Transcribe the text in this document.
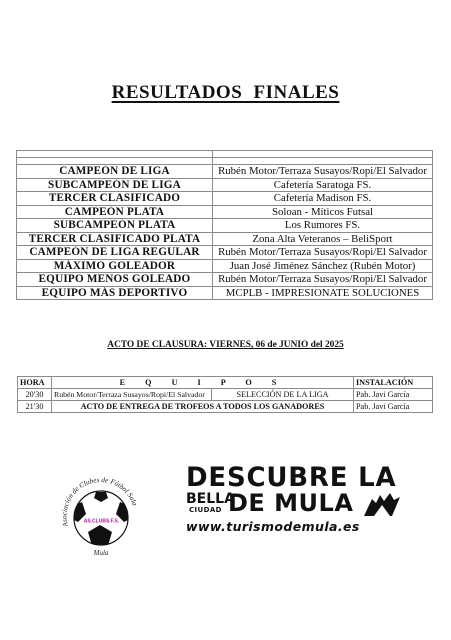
RESULTADOS FINALES

CAMPEÓN DE LIGA	Rubén Motor/Terraza Susayos/Ropi/El Salvador
SUBCAMPEÓN DE LIGA	Cafetería Saratoga FS.
TERCER CLASIFICADO	Cafetería Madison FS.
CAMPEÓN PLATA	Soloan - Míticos Futsal
SUBCAMPEÓN PLATA	Los Rumores FS.
TERCER CLASIFICADO PLATA	Zona Alta Veteranos – BeliSport
CAMPEÓN DE LIGA REGULAR	Rubén Motor/Terraza Susayos/Ropi/El Salvador
MÁXIMO GOLEADOR	Juan José Jiménez Sánchez (Rubén Motor)
EQUIPO MENOS GOLEADO	Rubén Motor/Terraza Susayos/Ropi/El Salvador
EQUIPO MÁS DEPORTIVO	MCPLB - IMPRESIONATE SOLUCIONES
ACTO DE CLAUSURA: VIERNES, 06 de JUNIO del 2025
HORA	E Q U I P O S		INSTALACIÓN
20'30	Rubén Motor/Terraza Susayos/Ropi/El Salvador	SELECCIÓN DE LA LIGA	Pab. Javi García
21'30	ACTO DE ENTREGA DE TROFEOS A TODOS LOS GANADORES		Pab. Javi García
Asociación de Clubes de Fútbol Sala
AS.CLUBS.F.S.
Mula
DESCUBRE LA
BELLA
CIUDAD DE MULA
www.turismodemula.es
